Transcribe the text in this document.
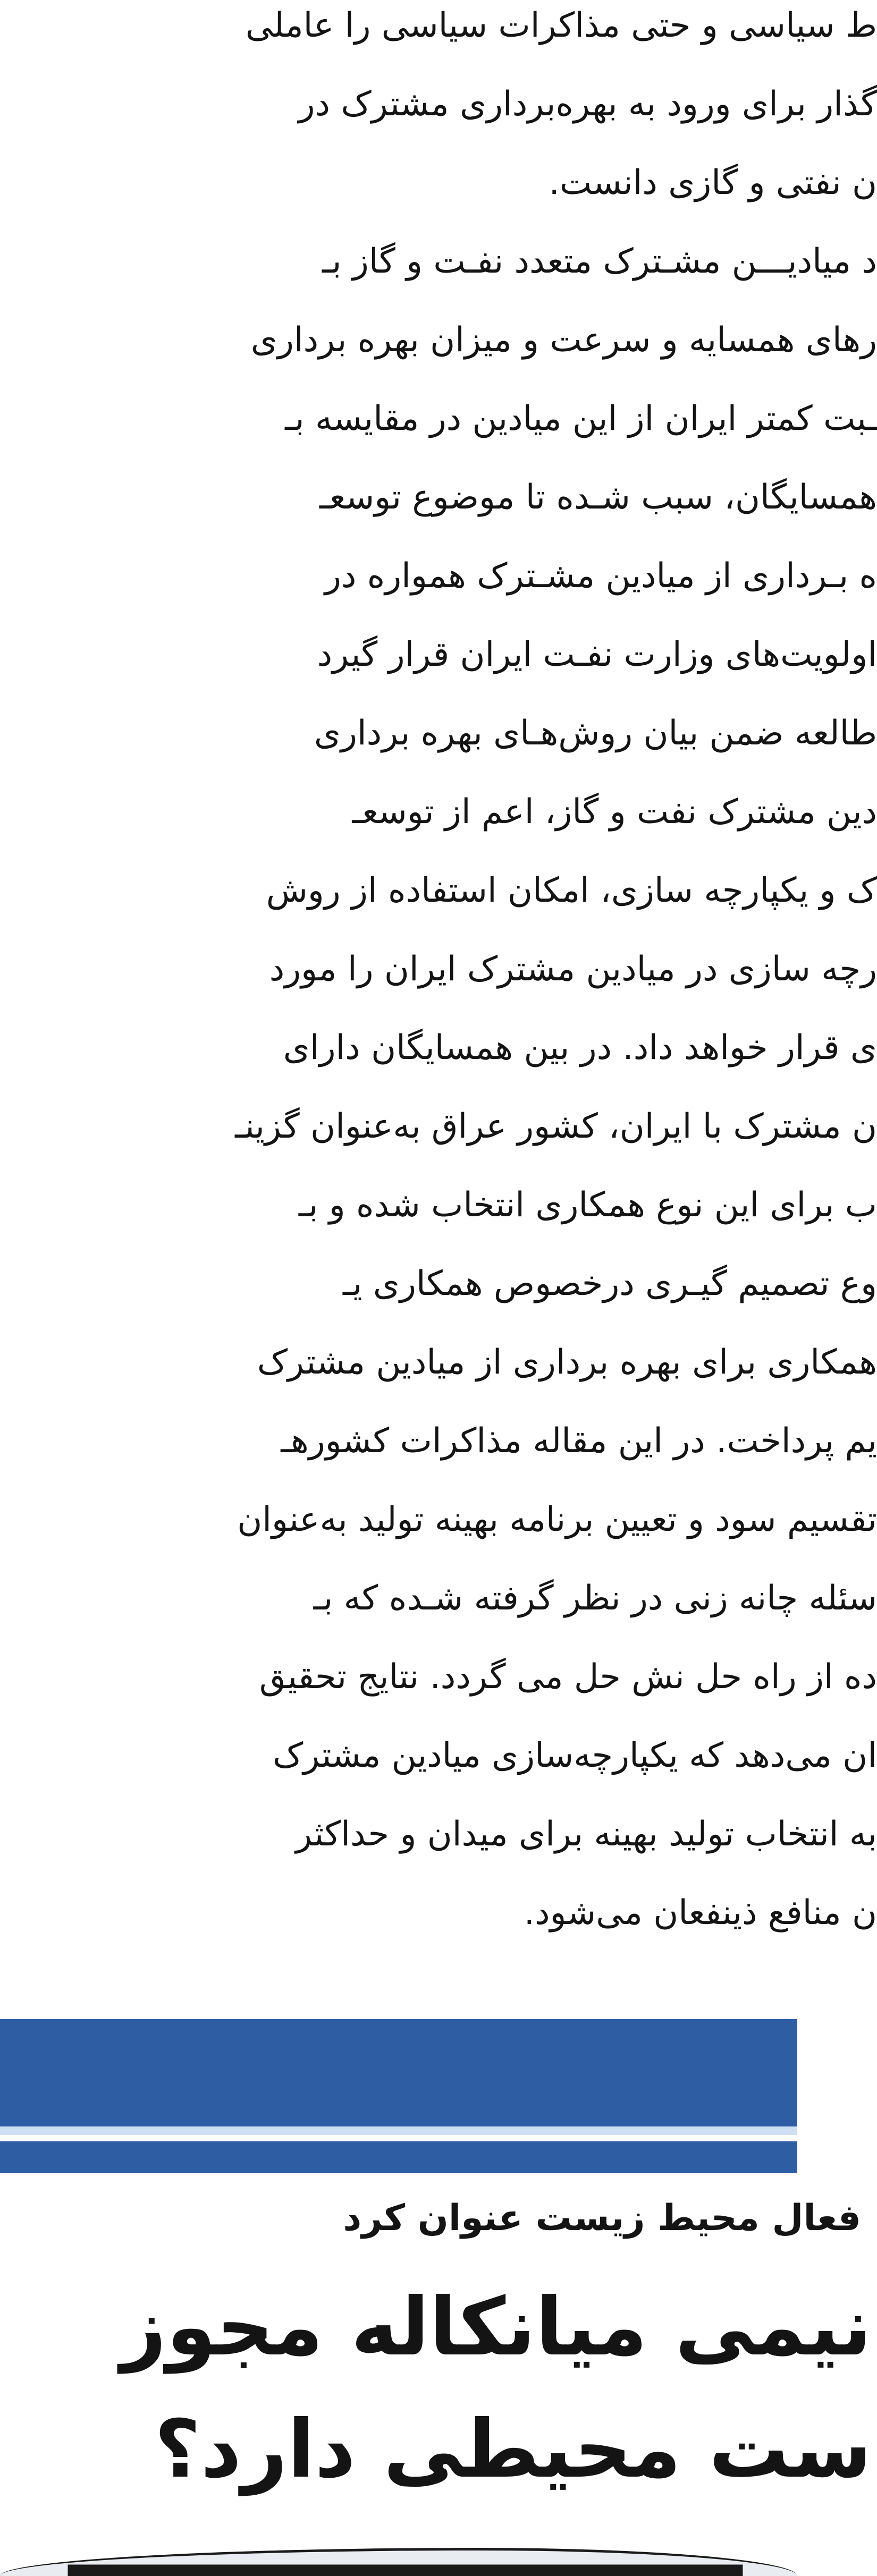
ط سیاسی و حتی مذاکرات سیاسی را عاملی
گذار برای ورود به بهره‌برداری مشترک در
ن نفتی و گازی دانست.
د میادیـــن مشـترک متعدد نفـت و گاز بـ
رهای همسایه و سرعت و میزان بهره برداری
ـبت کمتر ایران از این میادین در مقایسه بـ
همسایگان، سبب شـده تا موضوع توسعـ
ه بـرداری از میادین مشـترک همواره در
اولویت‌های وزارت نفـت ایران قرار گیرد
طالعه ضمن بیان روش‌هـای بهره برداری
دین مشترک نفت و گاز، اعم از توسعـ
ک و یکپارچه سازی، امکان استفاده از روش
رچه سازی در میادین مشترک ایران را مورد
ی قرار خواهد داد. در بین همسایگان دارای
ن مشترک با ایران، کشور عراق به‌عنوان گزینـ
ب برای این نوع همکاری انتخاب شده و بـ
وع تصمیم گیـری درخصوص همکاری یـ
همکاری برای بهره برداری از میادین مشترک
یم پرداخت. در این مقاله مذاکرات کشورهـ
تقسیم سود و تعیین برنامه بهینه تولید به‌عنوان
سئله چانه زنی در نظر گرفته شـده که بـ
ده از راه حل نش حل می گردد. نتایج تحقیق
ان می‌دهد که یکپارچه‌سازی میادین مشترک
به انتخاب تولید بهینه برای میدان و حداکثر
ن منافع ذینفعان می‌شود.
فعال محیط زیست عنوان کرد
نیمی میانکاله مجوز
ست محیطی دارد؟
